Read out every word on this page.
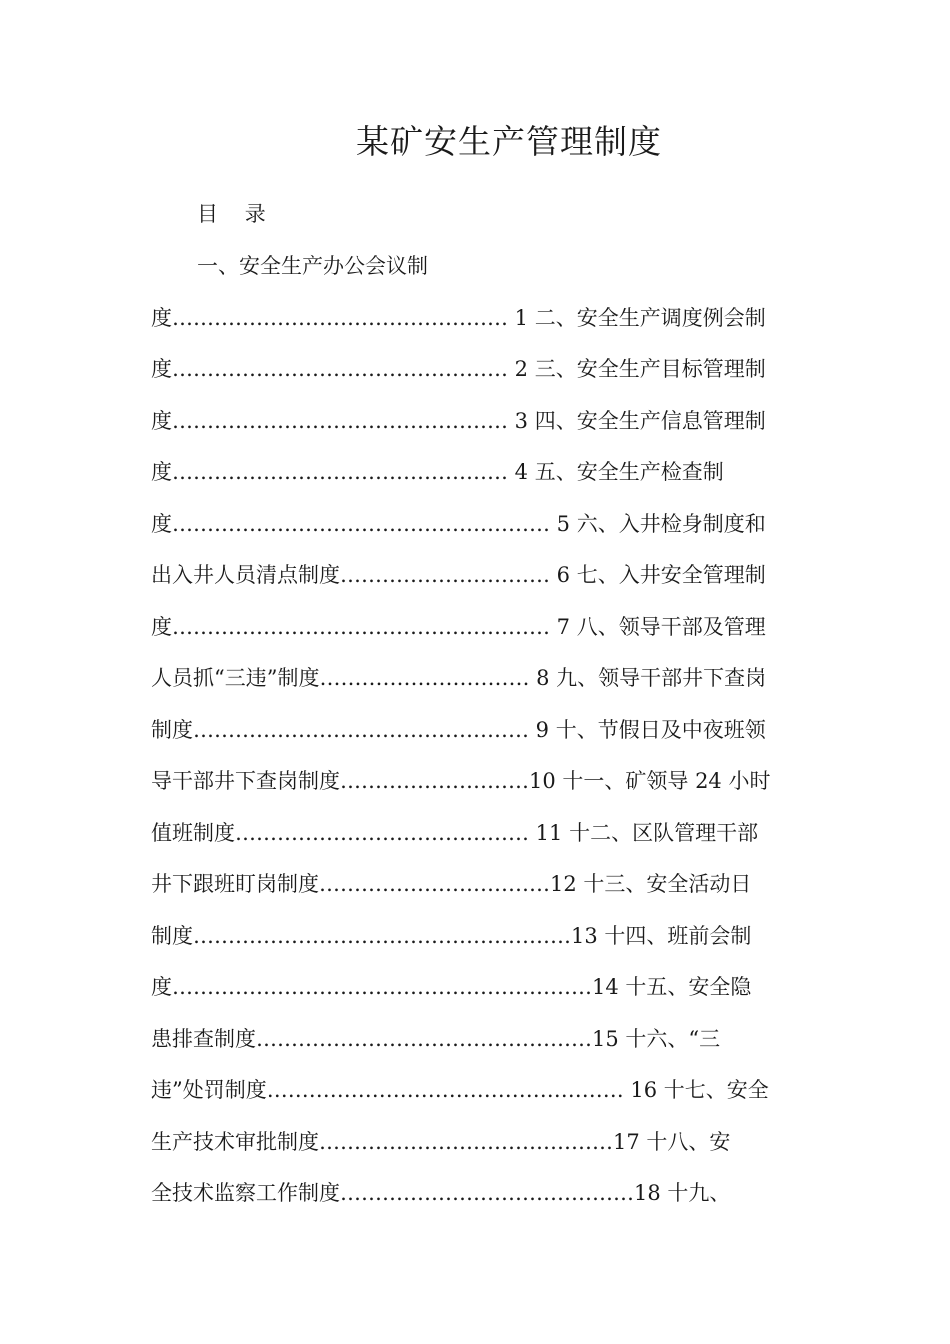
某矿安生产管理制度
目    录
一、安全生产办公会议制
度………………………………………… 1 二、安全生产调度例会制
度………………………………………… 2 三、安全生产目标管理制
度………………………………………… 3 四、安全生产信息管理制
度………………………………………… 4 五、安全生产检查制
度……………………………………………… 5 六、入井检身制度和
出入井人员清点制度………………………… 6 七、入井安全管理制
度……………………………………………… 7 八、领导干部及管理
人员抓“三违”制度………………………… 8 九、领导干部井下查岗
制度………………………………………… 9 十、节假日及中夜班领
导干部井下查岗制度………………………10 十一、矿领导 24 小时
值班制度…………………………………… 11 十二、区队管理干部
井下跟班盯岗制度……………………………12 十三、安全活动日
制度………………………………………………13 十四、班前会制
度……………………………………………………14 十五、安全隐
患排查制度…………………………………………15 十六、“三
违”处罚制度…………………………………………… 16 十七、安全
生产技术审批制度……………………………………17 十八、安
全技术监察工作制度……………………………………18 十九、
